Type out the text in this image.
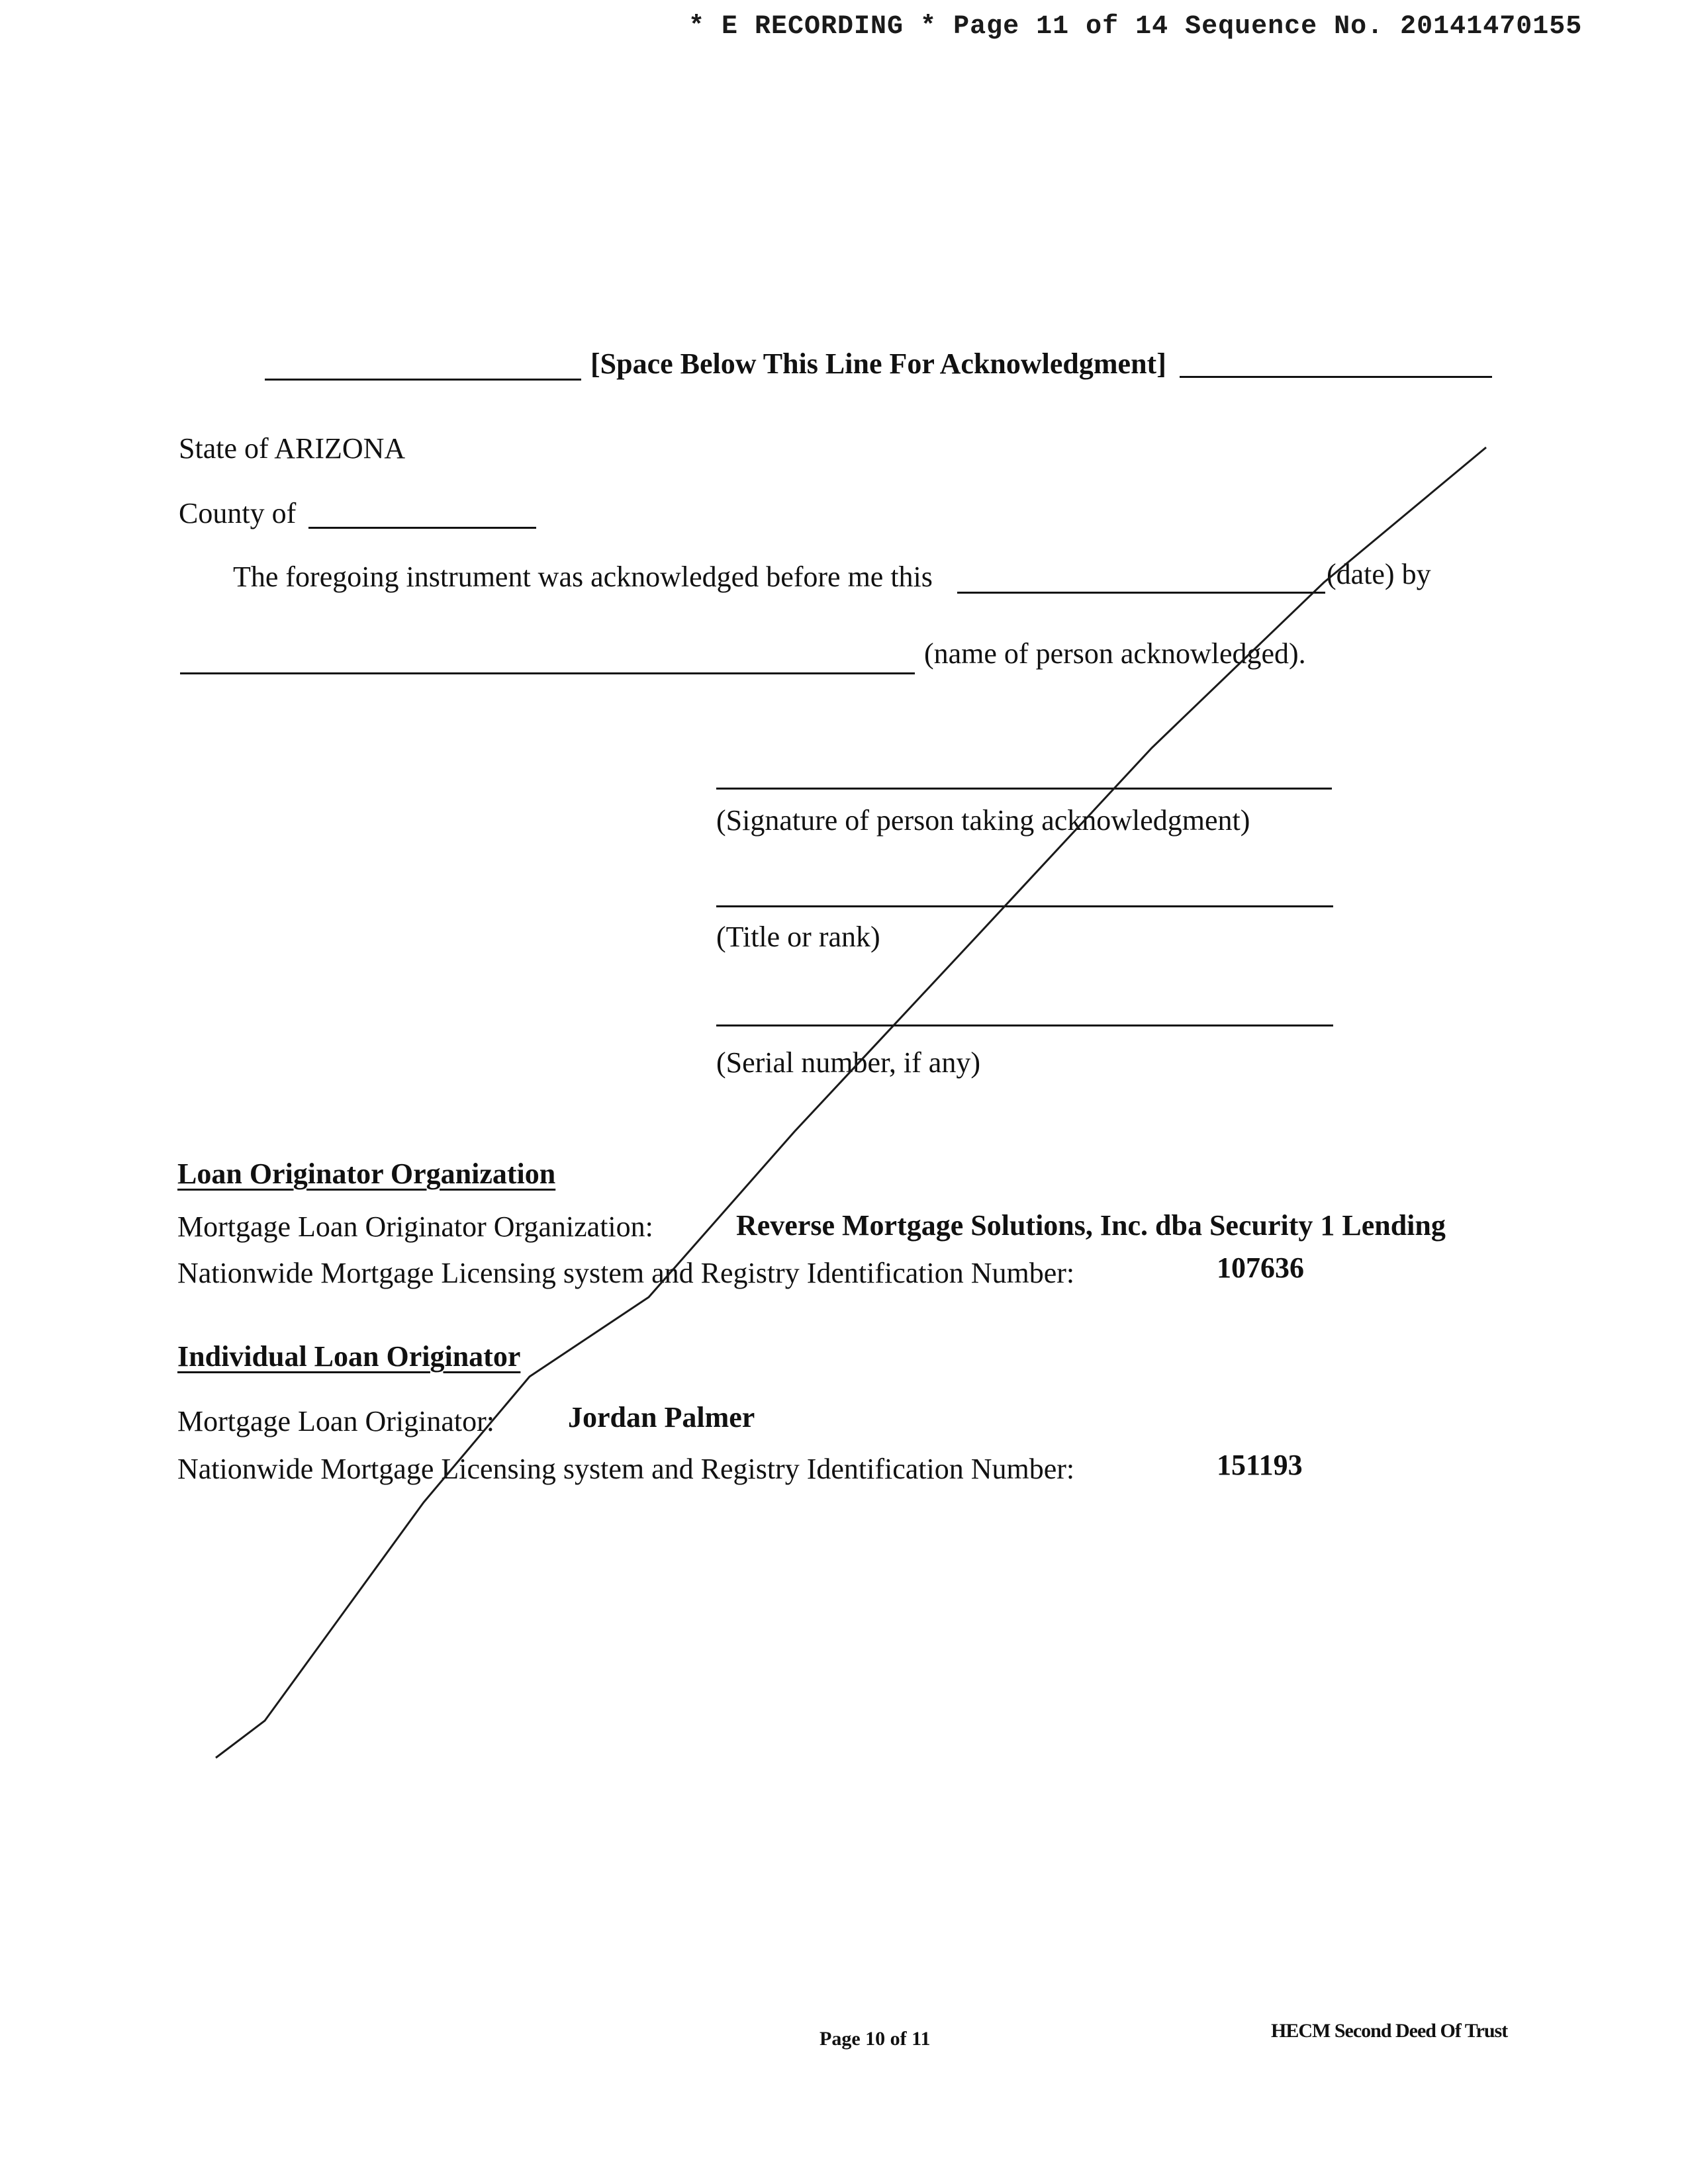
* E RECORDING * Page 11 of 14 Sequence No. 20141470155
[Space Below This Line For Acknowledgment]
State of ARIZONA
County of
The foregoing instrument was acknowledged before me this	(date) by
(name of person acknowledged).
(Signature of person taking acknowledgment)
(Title or rank)
(Serial number, if any)
Loan Originator Organization
Mortgage Loan Originator Organization:	Reverse Mortgage Solutions, Inc. dba Security 1 Lending
Nationwide Mortgage Licensing system and Registry Identification Number:	107636
Individual Loan Originator
Mortgage Loan Originator:	Jordan Palmer
Nationwide Mortgage Licensing system and Registry Identification Number:	151193
Page 10 of 11	HECM Second Deed Of Trust
